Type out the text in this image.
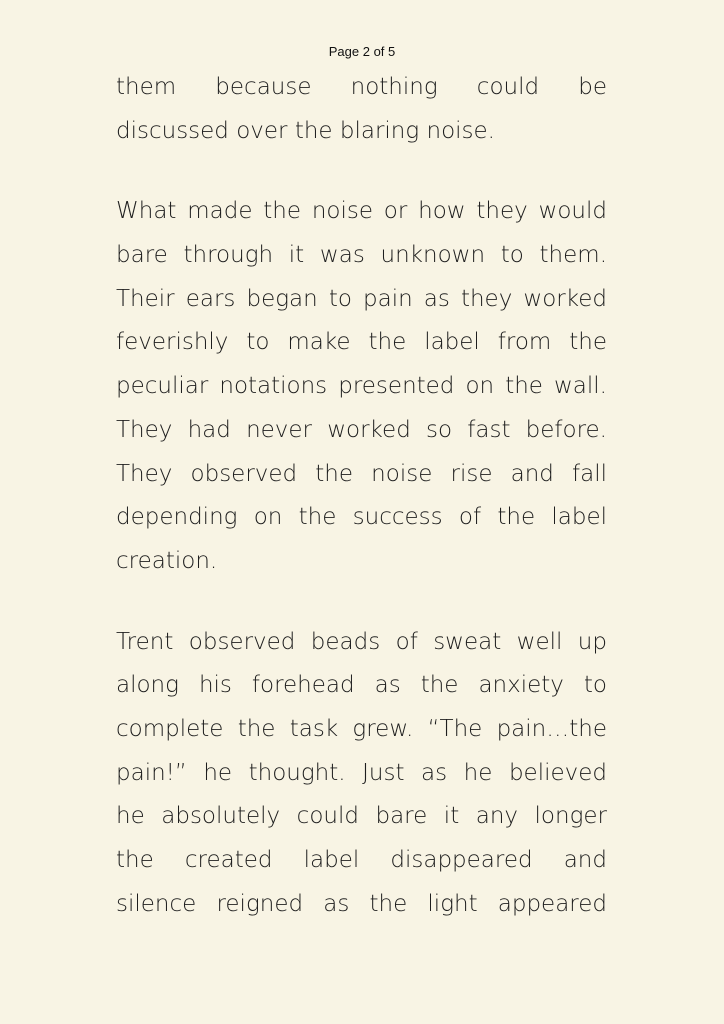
Page 2 of 5
them because nothing could be
discussed over the blaring noise.
What made the noise or how they would
bare through it was unknown to them.
Their ears began to pain as they worked
feverishly to make the label from the
peculiar notations presented on the wall.
They had never worked so fast before.
They observed the noise rise and fall
depending on the success of the label
creation.
Trent observed beads of sweat well up
along his forehead as the anxiety to
complete the task grew. “The pain…the
pain!” he thought. Just as he believed
he absolutely could bare it any longer
the created label disappeared and
silence reigned as the light appeared
